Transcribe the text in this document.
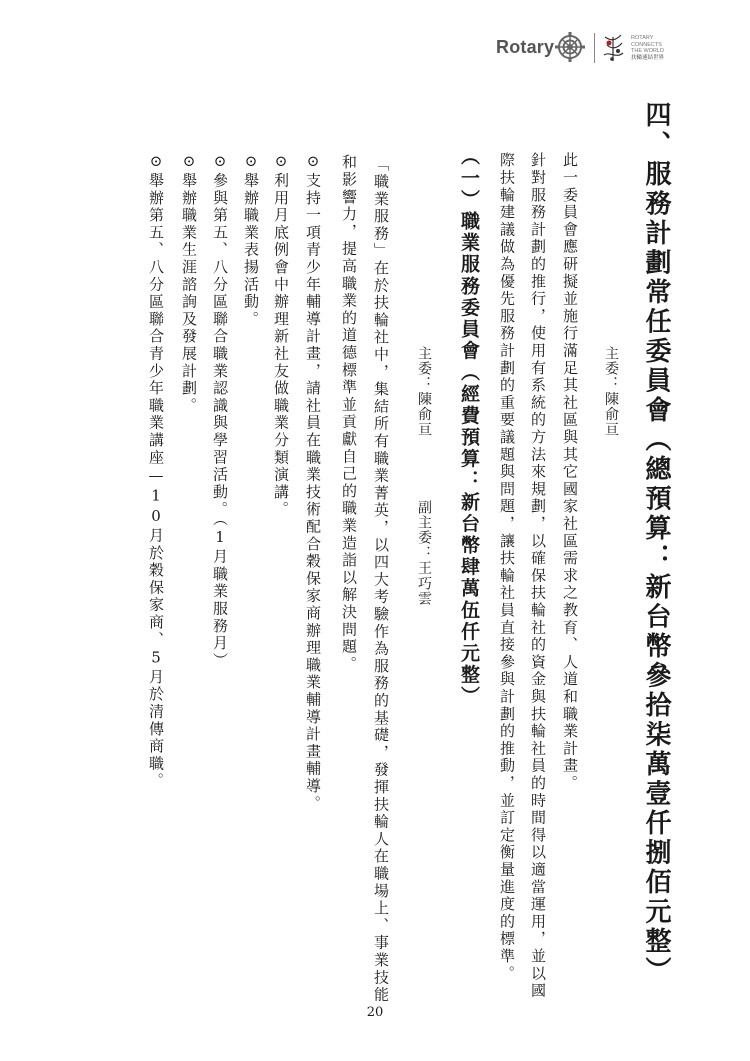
Rotary	ROTARY
CONNECTS
THE WORLD
扶輪連結世界
四、服務計劃常任委員會（總預算：新台幣參拾柒萬壹仟捌佰元整）
主委：陳俞亘
此一委員會應研擬並施行滿足其社區與其它國家社區需求之教育、人道和職業計畫。
針對服務計劃的推行，使用有系統的方法來規劃，以確保扶輪社的資金與扶輪社員的時間得以適當運用，並以國
際扶輪建議做為優先服務計劃的重要議題與問題，讓扶輪社員直接參與計劃的推動，並訂定衡量進度的標準。
（一）職業服務委員會（經費預算：新台幣肆萬伍仟元整）
主委：陳俞亘
副主委：王巧雲
「職業服務」在於扶輪社中，集結所有職業菁英，以四大考驗作為服務的基礎，發揮扶輪人在職場上、事業技能
和影響力，提高職業的道德標準並貢獻自己的職業造詣以解決問題。
⊙支持一項青少年輔導計畫，請社員在職業技術配合穀保家商辦理職業輔導計畫輔導。
⊙利用月底例會中辦理新社友做職業分類演講。
⊙舉辦職業表揚活動。
⊙參與第五、八分區聯合職業認識與學習活動。（1月職業服務月）
⊙舉辦職業生涯諮詢及發展計劃。
⊙舉辦第五、八分區聯合青少年職業講座—10月於穀保家商、5月於清傳商職。
20
